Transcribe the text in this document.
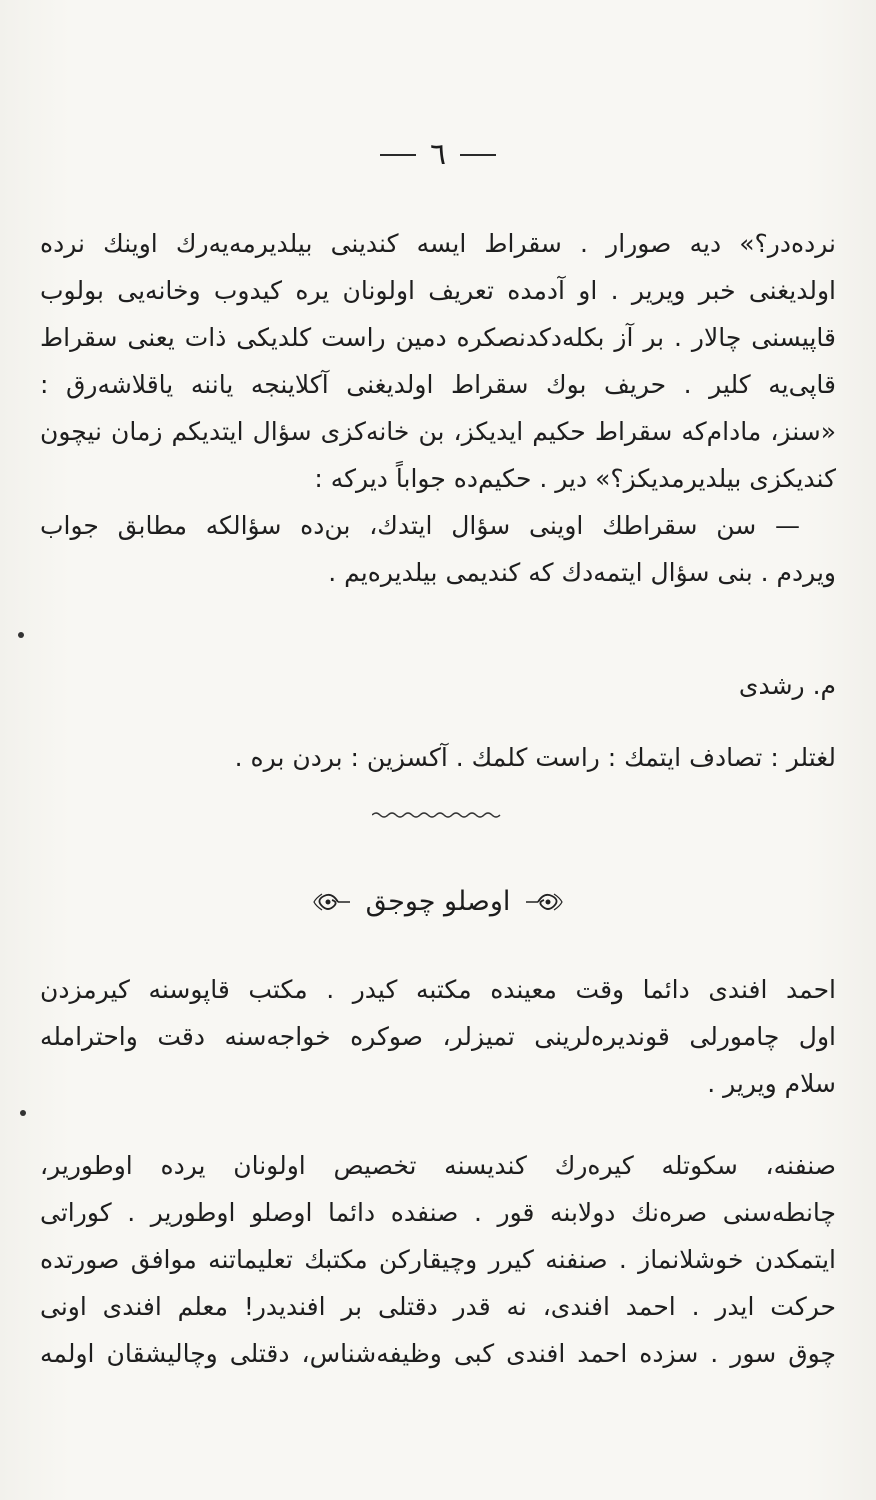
٦
نرده‌در؟» دیه صورار . سقراط ایسه کندینی بیلدیرمه‌یه‌رك اوینك نرده
اولدیغنی خبر ویریر . او آدمده تعریف اولونان یره کیدوب وخانه‌یی بولوب
قاپیسنی چالار . بر آز بکله‌دکدنصکره دمین راست کلدیکی ذات یعنی سقراط
قاپی‌یه کلیر . حریف بوك سقراط اولدیغنی آکلاینجه یاننه یاقلاشه‌رق :
«سنز، مادام‌که سقراط حکیم ایدیکز، بن خانه‌کزی سؤال ایتدیکم زمان نیچون
کندیکزی بیلدیرمدیکز؟» دیر . حکیم‌ده جواباً دیرکه :
— سن سقراطك اوینی سؤال ایتدك، بن‌ده سؤالکه مطابق جواب
ویردم . بنی سؤال ایتمه‌دك که کندیمی بیلدیره‌یم .
م. رشدی
لغتلر : تصادف ایتمك : راست کلمك . آکسزین : بردن بره .
اوصلو چوجق
احمد افندی دائما وقت معینده مکتبه کیدر . مکتب قاپوسنه کیرمزدن
اول چامورلی قوندیره‌لرینی تمیزلر، صوکره خواجه‌سنه دقت واحترامله
سلام ویریر .
صنفنه، سکوتله کیره‌رك کندیسنه تخصیص اولونان یرده اوطوریر،
چانطه‌سنی صره‌نك دولابنه قور . صنفده دائما اوصلو اوطوریر . کوراتی
ایتمکدن خوشلانماز . صنفنه کیرر وچیقارکن مکتبك تعلیماتنه موافق صورتده
حرکت ایدر . احمد افندی، نه قدر دقتلی بر افندیدر! معلم افندی اونی
چوق سور . سزده احمد افندی کبی وظیفه‌شناس، دقتلی وچالیشقان اولمه
